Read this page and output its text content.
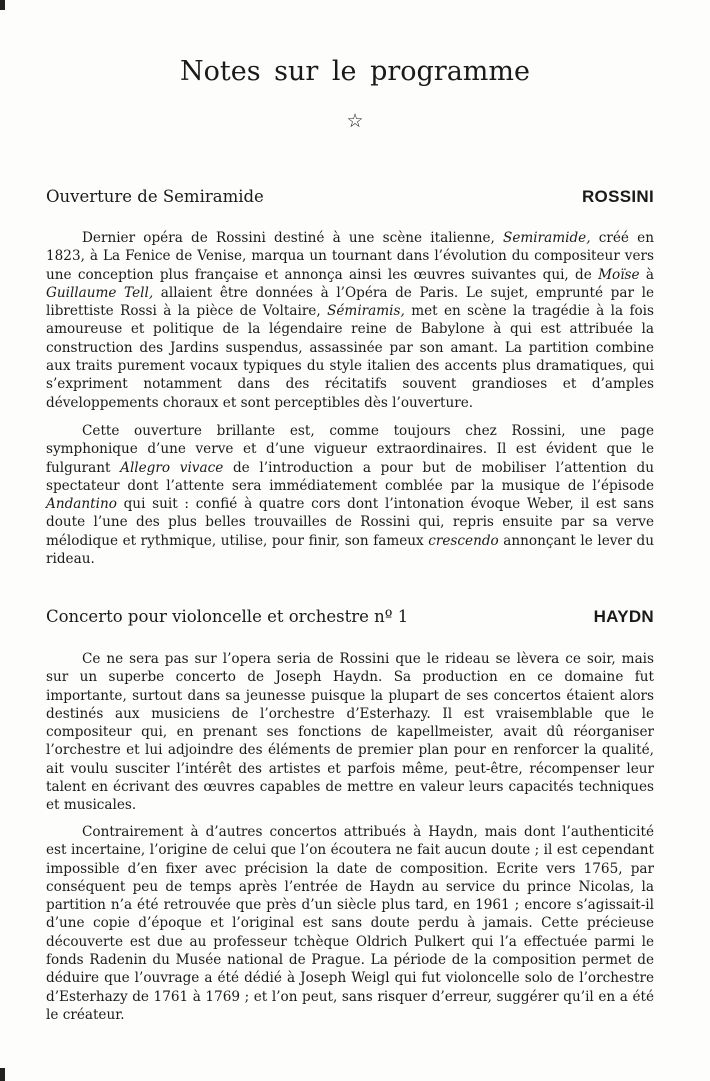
Notes sur le programme
☆
Ouverture de Semiramide	ROSSINI

Dernier opéra de Rossini destiné à une scène italienne, Semiramide, créé en 1823, à La Fenice de Venise, marqua un tournant dans l’évolution du compositeur vers une conception plus française et annonça ainsi les œuvres suivantes qui, de Moïse à Guillaume Tell, allaient être données à l’Opéra de Paris. Le sujet, emprunté par le librettiste Rossi à la pièce de Voltaire, Sémiramis, met en scène la tragédie à la fois amoureuse et politique de la légendaire reine de Babylone à qui est attribuée la construction des Jardins suspendus, assassinée par son amant. La partition combine aux traits purement vocaux typiques du style italien des accents plus dramatiques, qui s’expriment notamment dans des récitatifs souvent grandioses et d’amples développements choraux et sont perceptibles dès l’ouverture.

Cette ouverture brillante est, comme toujours chez Rossini, une page symphonique d’une verve et d’une vigueur extraordinaires. Il est évident que le fulgurant Allegro vivace de l’introduction a pour but de mobiliser l’attention du spectateur dont l’attente sera immédiatement comblée par la musique de l’épisode Andantino qui suit : confié à quatre cors dont l’intonation évoque Weber, il est sans doute l’une des plus belles trouvailles de Rossini qui, repris ensuite par sa verve mélodique et rythmique, utilise, pour finir, son fameux crescendo annonçant le lever du rideau.

Concerto pour violoncelle et orchestre nº 1	HAYDN

Ce ne sera pas sur l’opera seria de Rossini que le rideau se lèvera ce soir, mais sur un superbe concerto de Joseph Haydn. Sa production en ce domaine fut importante, surtout dans sa jeunesse puisque la plupart de ses concertos étaient alors destinés aux musiciens de l’orchestre d’Esterhazy. Il est vraisemblable que le compositeur qui, en prenant ses fonctions de kapellmeister, avait dû réorganiser l’orchestre et lui adjoindre des éléments de premier plan pour en renforcer la qualité, ait voulu susciter l’intérêt des artistes et parfois même, peut-être, récompenser leur talent en écrivant des œuvres capables de mettre en valeur leurs capacités techniques et musicales.

Contrairement à d’autres concertos attribués à Haydn, mais dont l’authenticité est incertaine, l’origine de celui que l’on écoutera ne fait aucun doute ; il est cependant impossible d’en fixer avec précision la date de composition. Ecrite vers 1765, par conséquent peu de temps après l’entrée de Haydn au service du prince Nicolas, la partition n’a été retrouvée que près d’un siècle plus tard, en 1961 ; encore s’agissait-il d’une copie d’époque et l’original est sans doute perdu à jamais. Cette précieuse découverte est due au professeur tchèque Oldrich Pulkert qui l’a effectuée parmi le fonds Radenin du Musée national de Prague. La période de la composition permet de déduire que l’ouvrage a été dédié à Joseph Weigl qui fut violoncelle solo de l’orchestre d’Esterhazy de 1761 à 1769 ; et l’on peut, sans risquer d’erreur, suggérer qu’il en a été le créateur.
